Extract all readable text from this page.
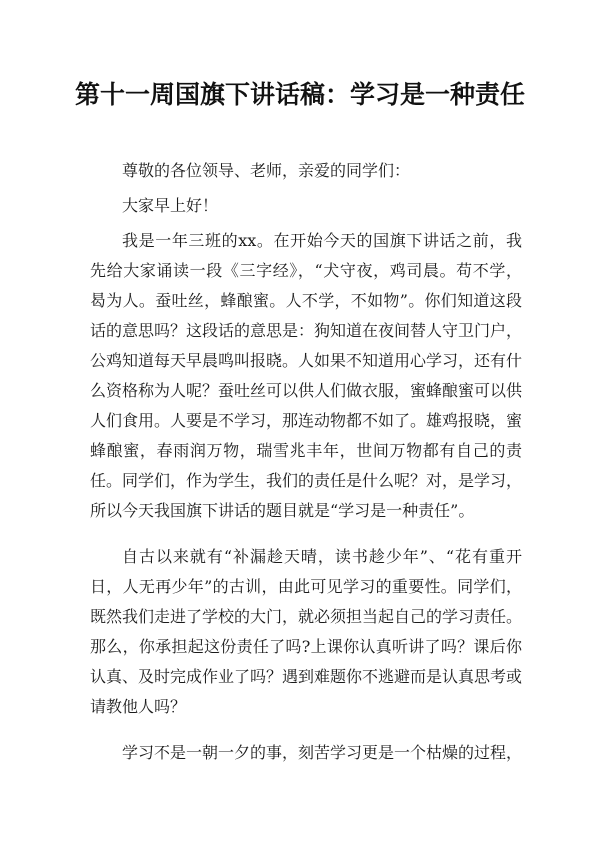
第十一周国旗下讲话稿：学习是一种责任

尊敬的各位领导、老师，亲爱的同学们：

大家早上好！

我是一年三班的xx。在开始今天的国旗下讲话之前，我先给大家诵读一段《三字经》，“犬守夜，鸡司晨。苟不学，曷为人。蚕吐丝，蜂酿蜜。人不学，不如物”。你们知道这段话的意思吗？这段话的意思是：狗知道在夜间替人守卫门户，公鸡知道每天早晨鸣叫报晓。人如果不知道用心学习，还有什么资格称为人呢？蚕吐丝可以供人们做衣服，蜜蜂酿蜜可以供人们食用。人要是不学习，那连动物都不如了。雄鸡报晓，蜜蜂酿蜜，春雨润万物，瑞雪兆丰年，世间万物都有自己的责任。同学们，作为学生，我们的责任是什么呢？对，是学习，所以今天我国旗下讲话的题目就是“学习是一种责任”。

自古以来就有“补漏趁天晴，读书趁少年”、“花有重开日，人无再少年”的古训，由此可见学习的重要性。同学们，既然我们走进了学校的大门，就必须担当起自己的学习责任。那么，你承担起这份责任了吗?上课你认真听讲了吗？课后你认真、及时完成作业了吗？遇到难题你不逃避而是认真思考或请教他人吗？

学习不是一朝一夕的事，刻苦学习更是一个枯燥的过程，
